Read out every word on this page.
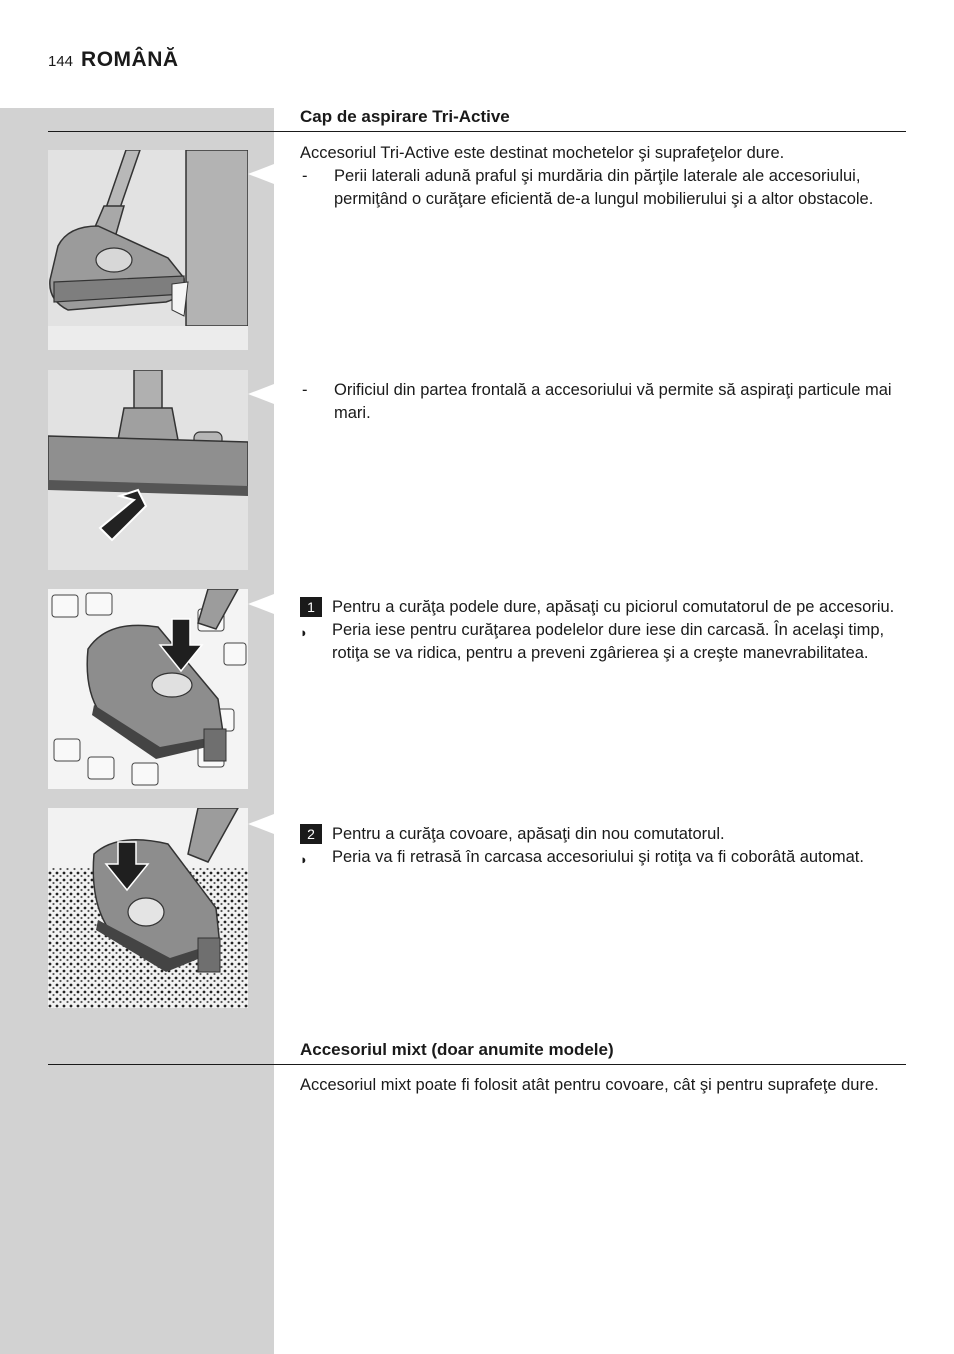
144 ROMÂNĂ
Cap de aspirare Tri-Active

Accesoriul Tri-Active este destinat mochetelor şi suprafeţelor dure.

-	Perii laterali adună praful şi murdăria din părţile laterale ale accesoriului, permiţând o curăţare eficientă de-a lungul mobilierului şi a altor obstacole.
-	Orificiul din partea frontală a accesoriului vă permite să aspiraţi particule mai mari.
1	Pentru a curăţa podele dure, apăsaţi cu piciorul comutatorul de pe accesoriu.
◗	Peria iese pentru curăţarea podelelor dure iese din carcasă. În acelaşi timp, rotiţa se va ridica, pentru a preveni zgârierea şi a creşte manevrabilitatea.
2	Pentru a curăţa covoare, apăsaţi din nou comutatorul.
◗	Peria va fi retrasă în carcasa accesoriului şi rotiţa va fi coborâtă automat.
Accesoriul mixt (doar anumite modele)

Accesoriul mixt poate fi folosit atât pentru covoare, cât şi pentru suprafeţe dure.
